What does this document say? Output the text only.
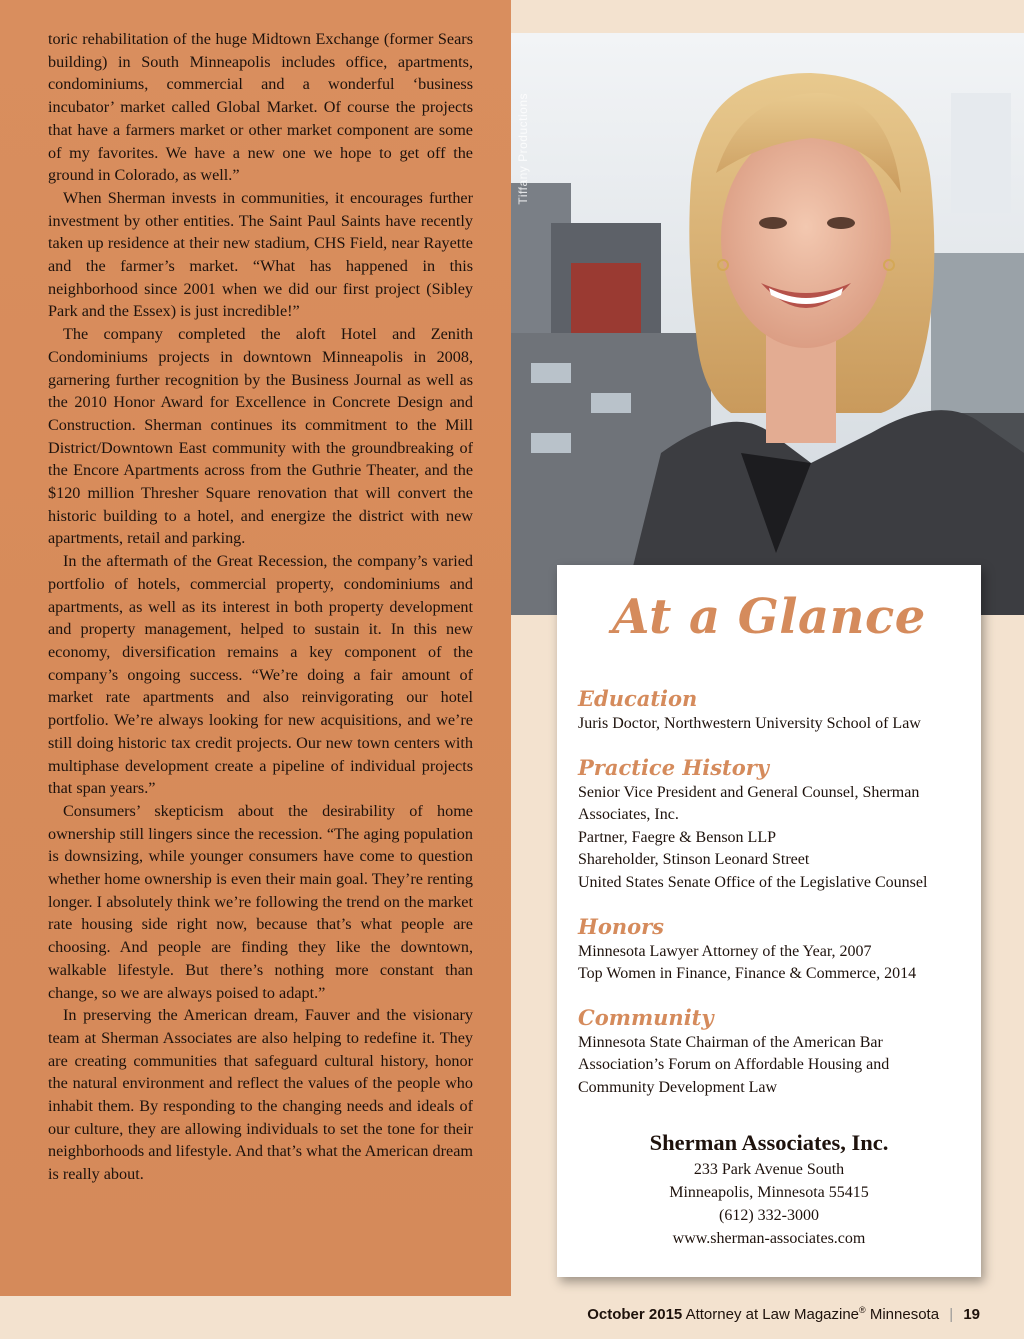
toric rehabilitation of the huge Midtown Exchange (former Sears building) in South Minneapolis includes office, apartments, condominiums, commercial and a wonderful ‘business incubator’ market called Global Market. Of course the projects that have a farmers market or other market component are some of my favorites. We have a new one we hope to get off the ground in Colorado, as well.”

When Sherman invests in communities, it encourages further investment by other entities. The Saint Paul Saints have recently taken up residence at their new stadium, CHS Field, near Rayette and the farmer’s market. “What has happened in this neighborhood since 2001 when we did our first project (Sibley Park and the Essex) is just incredible!”

The company completed the aloft Hotel and Zenith Condominiums projects in downtown Minneapolis in 2008, garnering further recognition by the Business Journal as well as the 2010 Honor Award for Excellence in Concrete Design and Construction. Sherman continues its commitment to the Mill District/Downtown East community with the groundbreaking of the Encore Apartments across from the Guthrie Theater, and the $120 million Thresher Square renovation that will convert the historic building to a hotel, and energize the district with new apartments, retail and parking.

In the aftermath of the Great Recession, the company’s varied portfolio of hotels, commercial property, condominiums and apartments, as well as its interest in both property development and property management, helped to sustain it. In this new economy, diversification remains a key component of the company’s ongoing success. “We’re doing a fair amount of market rate apartments and also reinvigorating our hotel portfolio. We’re always looking for new acquisitions, and we’re still doing historic tax credit projects. Our new town centers with multiphase development create a pipeline of individual projects that span years.”

Consumers’ skepticism about the desirability of home ownership still lingers since the recession. “The aging population is downsizing, while younger consumers have come to question whether home ownership is even their main goal. They’re renting longer. I absolutely think we’re following the trend on the market rate housing side right now, because that’s what people are choosing. And people are finding they like the downtown, walkable lifestyle. But there’s nothing more constant than change, so we are always poised to adapt.”

In preserving the American dream, Fauver and the visionary team at Sherman Associates are also helping to redefine it. They are creating communities that safeguard cultural history, honor the natural environment and reflect the values of the people who inhabit them. By responding to the changing needs and ideals of our culture, they are allowing individuals to set the tone for their neighborhoods and lifestyle. And that’s what the American dream is really about.

Tiffany Productions
At a Glance
Education
Juris Doctor, Northwestern University School of Law
Practice History
Senior Vice President and General Counsel, Sherman Associates, Inc.
Partner, Faegre & Benson LLP
Shareholder, Stinson Leonard Street
United States Senate Office of the Legislative Counsel
Honors
Minnesota Lawyer Attorney of the Year, 2007
Top Women in Finance, Finance & Commerce, 2014
Community
Minnesota State Chairman of the American Bar Association’s Forum on Affordable Housing and Community Development Law
Sherman Associates, Inc.
233 Park Avenue South
Minneapolis, Minnesota 55415
(612) 332-3000
www.sherman-associates.com
October 2015 Attorney at Law Magazine® Minnesota | 19
